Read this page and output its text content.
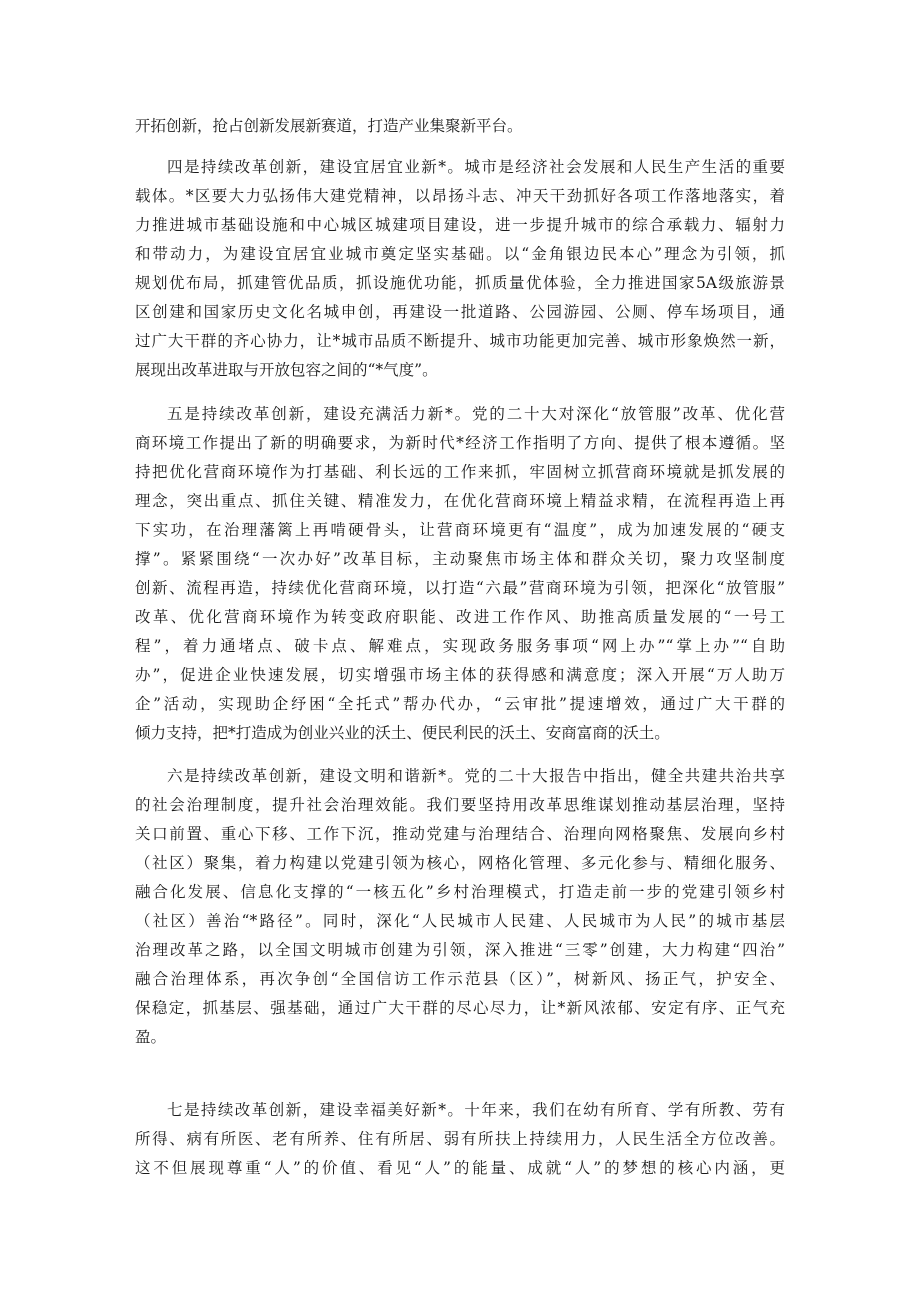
开拓创新，抢占创新发展新赛道，打造产业集聚新平台。
四是持续改革创新，建设宜居宜业新*。城市是经济社会发展和人民生产生活的重要
载体。*区要大力弘扬伟大建党精神，以昂扬斗志、冲天干劲抓好各项工作落地落实，着
力推进城市基础设施和中心城区城建项目建设，进一步提升城市的综合承载力、辐射力
和带动力，为建设宜居宜业城市奠定坚实基础。以“金角银边民本心”理念为引领，抓
规划优布局，抓建管优品质，抓设施优功能，抓质量优体验，全力推进国家5A级旅游景
区创建和国家历史文化名城申创，再建设一批道路、公园游园、公厕、停车场项目，通
过广大干群的齐心协力，让*城市品质不断提升、城市功能更加完善、城市形象焕然一新，
展现出改革进取与开放包容之间的“*气度”。
五是持续改革创新，建设充满活力新*。党的二十大对深化“放管服”改革、优化营
商环境工作提出了新的明确要求，为新时代*经济工作指明了方向、提供了根本遵循。坚
持把优化营商环境作为打基础、利长远的工作来抓，牢固树立抓营商环境就是抓发展的
理念，突出重点、抓住关键、精准发力，在优化营商环境上精益求精，在流程再造上再
下实功，在治理藩篱上再啃硬骨头，让营商环境更有“温度”，成为加速发展的“硬支
撑”。紧紧围绕“一次办好”改革目标，主动聚焦市场主体和群众关切，聚力攻坚制度
创新、流程再造，持续优化营商环境，以打造“六最”营商环境为引领，把深化“放管服”
改革、优化营商环境作为转变政府职能、改进工作作风、助推高质量发展的“一号工
程”，着力通堵点、破卡点、解难点，实现政务服务事项“网上办”“掌上办”“自助
办”，促进企业快速发展，切实增强市场主体的获得感和满意度；深入开展“万人助万
企”活动，实现助企纾困“全托式”帮办代办，“云审批”提速增效，通过广大干群的
倾力支持，把*打造成为创业兴业的沃土、便民利民的沃土、安商富商的沃土。
六是持续改革创新，建设文明和谐新*。党的二十大报告中指出，健全共建共治共享
的社会治理制度，提升社会治理效能。我们要坚持用改革思维谋划推动基层治理，坚持
关口前置、重心下移、工作下沉，推动党建与治理结合、治理向网格聚焦、发展向乡村
（社区）聚集，着力构建以党建引领为核心，网格化管理、多元化参与、精细化服务、
融合化发展、信息化支撑的“一核五化”乡村治理模式，打造走前一步的党建引领乡村
（社区）善治“*路径”。同时，深化“人民城市人民建、人民城市为人民”的城市基层
治理改革之路，以全国文明城市创建为引领，深入推进“三零”创建，大力构建“四治”
融合治理体系，再次争创“全国信访工作示范县（区）”，树新风、扬正气，护安全、
保稳定，抓基层、强基础，通过广大干群的尽心尽力，让*新风浓郁、安定有序、正气充
盈。
七是持续改革创新，建设幸福美好新*。十年来，我们在幼有所育、学有所教、劳有
所得、病有所医、老有所养、住有所居、弱有所扶上持续用力，人民生活全方位改善。
这不但展现尊重“人”的价值、看见“人”的能量、成就“人”的梦想的核心内涵，更
